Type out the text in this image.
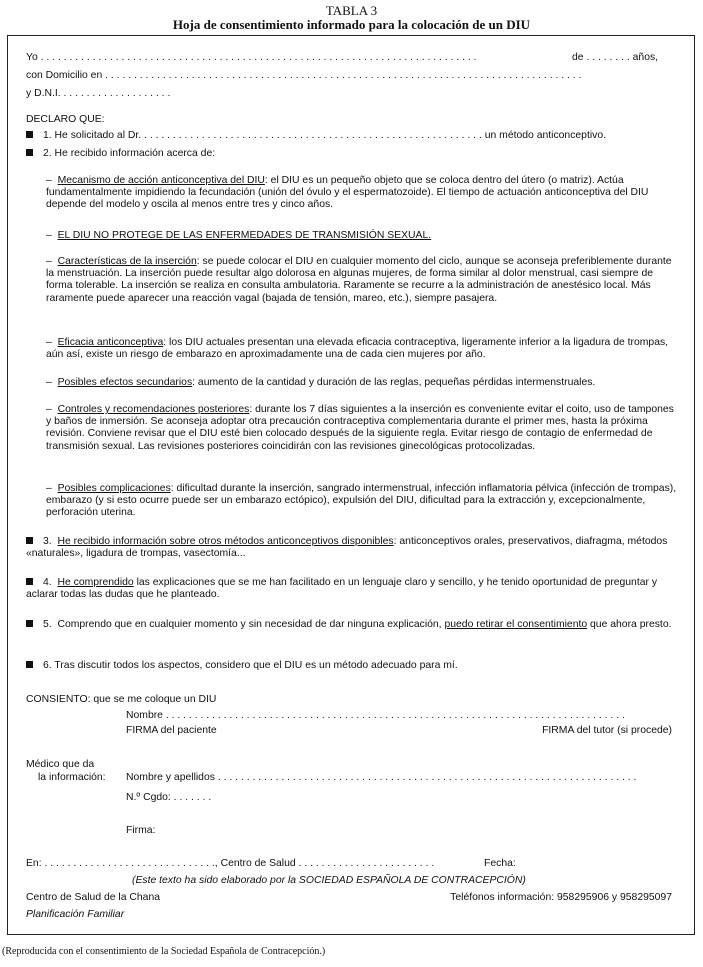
TABLA 3
Hoja de consentimiento informado para la colocación de un DIU
Yo . . . . . . . . . . . . . . . . . . . . . . . . . . . . . . . . . . . . . . . . . . . . . . . . . . . . . . . . . . . . . . . . . . . . . . . . . . . .	de . . . . . . . . años,
con Domicilio en . . . . . . . . . . . . . . . . . . . . . . . . . . . . . . . . . . . . . . . . . . . . . . . . . . . . . . . . . . . . . . . . . . . . . . . . . . . . . . . . . . .
y D.N.I. . . . . . . . . . . . . . . . . . . .
DECLARO QUE:
1. He solicitado al Dr. . . . . . . . . . . . . . . . . . . . . . . . . . . . . . . . . . . . . . . . . . . . . . . . . . . . . . . . . . . . un método anticonceptivo.
2. He recibido información acerca de:
– Mecanismo de acción anticonceptiva del DIU: el DIU es un pequeño objeto que se coloca dentro del útero (o matriz). Actúa fundamentalmente impidiendo la fecundación (unión del óvulo y el espermatozoide). El tiempo de actuación anticonceptiva del DIU depende del modelo y oscila al menos entre tres y cinco años.
– EL DIU NO PROTEGE DE LAS ENFERMEDADES DE TRANSMISIÓN SEXUAL.
– Características de la inserción: se puede colocar el DIU en cualquier momento del ciclo, aunque se aconseja preferiblemente durante la menstruación. La inserción puede resultar algo dolorosa en algunas mujeres, de forma similar al dolor menstrual, casi siempre de forma tolerable. La inserción se realiza en consulta ambulatoria. Raramente se recurre a la administración de anestésico local. Más raramente puede aparecer una reacción vagal (bajada de tensión, mareo, etc.), siempre pasajera.
– Eficacia anticonceptiva: los DIU actuales presentan una elevada eficacia contraceptiva, ligeramente inferior a la ligadura de trompas, aún así, existe un riesgo de embarazo en aproximadamente una de cada cien mujeres por año.
– Posibles efectos secundarios: aumento de la cantidad y duración de las reglas, pequeñas pérdidas intermenstruales.
– Controles y recomendaciones posteriores: durante los 7 días siguientes a la inserción es conveniente evitar el coito, uso de tampones y baños de inmersión. Se aconseja adoptar otra precaución contraceptiva complementaria durante el primer mes, hasta la próxima revisión. Conviene revisar que el DIU esté bien colocado después de la siguiente regla. Evitar riesgo de contagio de enfermedad de transmisión sexual. Las revisiones posteriores coincidirán con las revisiones ginecológicas protocolizadas.
– Posibles complicaciones: dificultad durante la inserción, sangrado intermenstrual, infección inflamatoria pélvica (infección de trompas), embarazo (y si esto ocurre puede ser un embarazo ectópico), expulsión del DIU, dificultad para la extracción y, excepcionalmente, perforación uterina.
3. He recibido información sobre otros métodos anticonceptivos disponibles: anticonceptivos orales, preservativos, diafragma, métodos «naturales», ligadura de trompas, vasectomía...
4. He comprendido las explicaciones que se me han facilitado en un lenguaje claro y sencillo, y he tenido oportunidad de preguntar y aclarar todas las dudas que he planteado.
5. Comprendo que en cualquier momento y sin necesidad de dar ninguna explicación, puedo retirar el consentimiento que ahora presto.
6. Tras discutir todos los aspectos, considero que el DIU es un método adecuado para mí.
CONSIENTO: que se me coloque un DIU
Nombre . . . . . . . . . . . . . . . . . . . . . . . . . . . . . . . . . . . . . . . . . . . . . . . . . . . . . . . . . . . . . . . . . . . . . . . . . . . . . . . .
FIRMA del paciente	FIRMA del tutor (si procede)
Médico que da
la información: Nombre y apellidos . . . . . . . . . . . . . . . . . . . . . . . . . . . . . . . . . . . . . . . . . . . . . . . . . . . . . . . . . . . . . . . . . . . . . . . . .
N.º Cgdo: . . . . . . .
Firma:
En: . . . . . . . . . . . . . . . . . . . . . . . . . . . . . ., Centro de Salud . . . . . . . . . . . . . . . . . . . . . . . .	Fecha:
(Este texto ha sido elaborado por la SOCIEDAD ESPAÑOLA DE CONTRACEPCIÓN)
Centro de Salud de la Chana	Teléfonos información: 958295906 y 958295097
Planificación Familiar
(Reproducida con el consentimiento de la Sociedad Española de Contracepción.)
